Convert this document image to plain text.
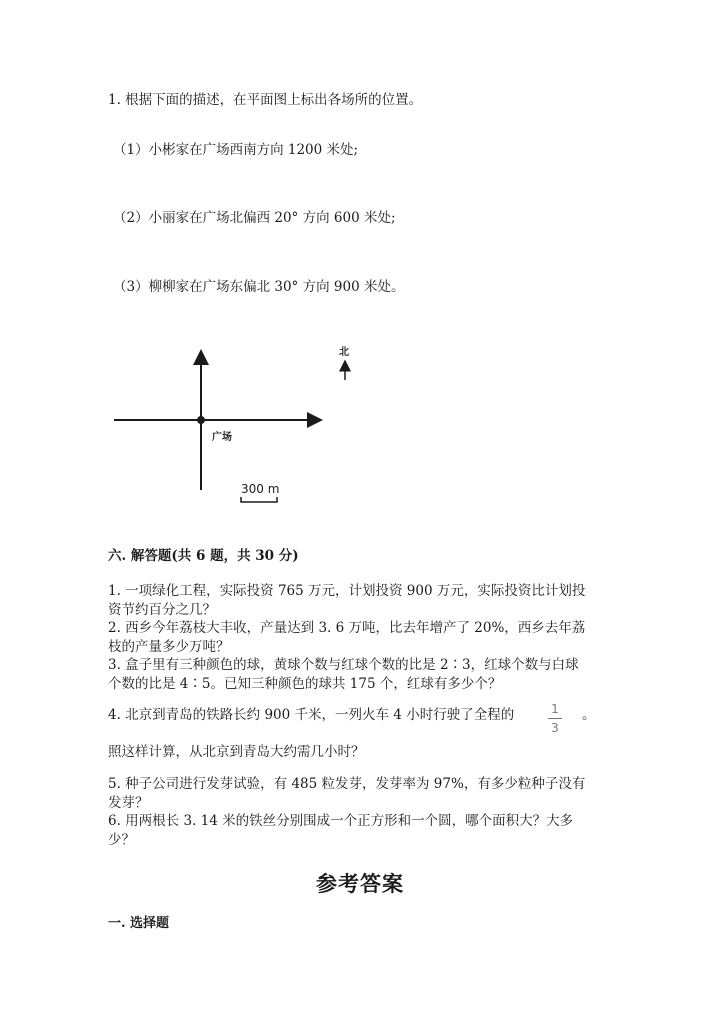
1. 根据下面的描述，在平面图上标出各场所的位置。
（1）小彬家在广场西南方向 1200 米处;
（2）小丽家在广场北偏西 20° 方向 600 米处;
（3）柳柳家在广场东偏北 30° 方向 900 米处。
北
广场
300 m
六. 解答题(共 6 题，共 30 分)
1. 一项绿化工程，实际投资 765 万元，计划投资 900 万元，实际投资比计划投
资节约百分之几？
2. 西乡今年荔枝大丰收，产量达到 3. 6 万吨，比去年增产了 20%，西乡去年荔
枝的产量多少万吨？
3. 盒子里有三种颜色的球，黄球个数与红球个数的比是 2∶3，红球个数与白球
个数的比是 4∶5。已知三种颜色的球共 175 个，红球有多少个？
4. 北京到青岛的铁路长约 900 千米，一列火车 4 小时行驶了全程的	1
3
。
照这样计算，从北京到青岛大约需几小时？
5. 种子公司进行发芽试验，有 485 粒发芽，发芽率为 97%，有多少粒种子没有
发芽？
6. 用两根长 3. 14 米的铁丝分别围成一个正方形和一个圆，哪个面积大？大多
少？
参考答案
一. 选择题
